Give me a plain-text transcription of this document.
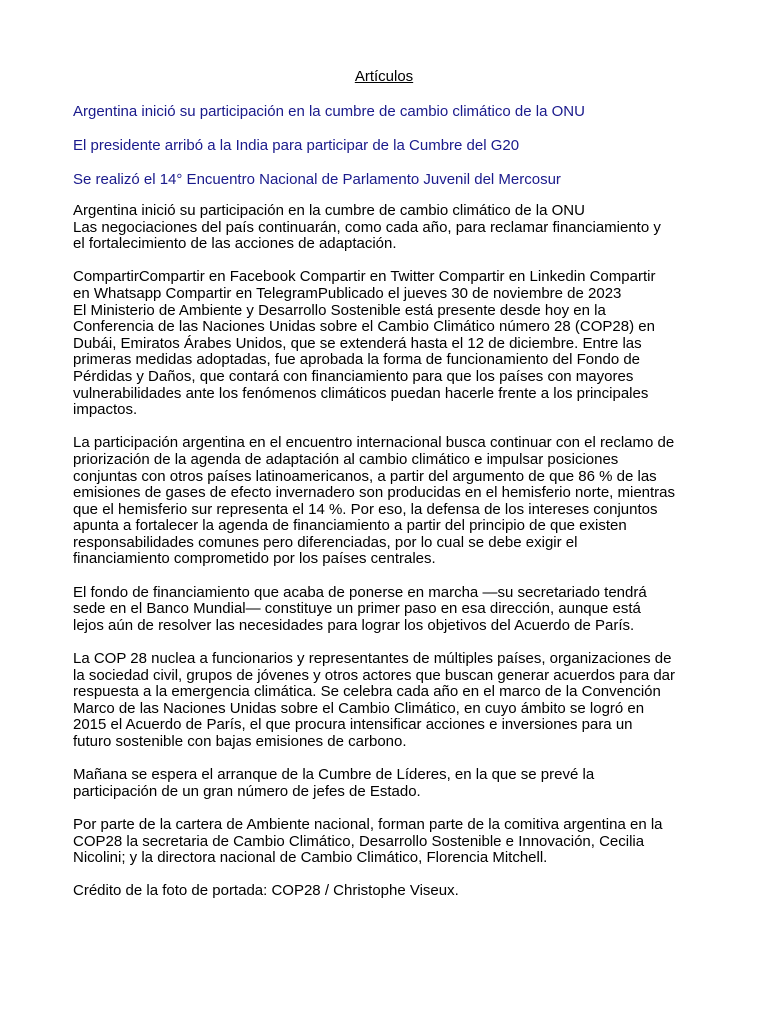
Artículos
Argentina inició su participación en la cumbre de cambio climático de la ONU
El presidente arribó a la India para participar de la Cumbre del G20
Se realizó el 14° Encuentro Nacional de Parlamento Juvenil del Mercosur

Argentina inició su participación en la cumbre de cambio climático de la ONU
Las negociaciones del país continuarán, como cada año, para reclamar financiamiento y
el fortalecimiento de las acciones de adaptación.

CompartirCompartir en Facebook Compartir en Twitter Compartir en Linkedin Compartir
en Whatsapp Compartir en TelegramPublicado el jueves 30 de noviembre de 2023
El Ministerio de Ambiente y Desarrollo Sostenible está presente desde hoy en la
Conferencia de las Naciones Unidas sobre el Cambio Climático número 28 (COP28) en
Dubái, Emiratos Árabes Unidos, que se extenderá hasta el 12 de diciembre. Entre las
primeras medidas adoptadas, fue aprobada la forma de funcionamiento del Fondo de
Pérdidas y Daños, que contará con financiamiento para que los países con mayores
vulnerabilidades ante los fenómenos climáticos puedan hacerle frente a los principales
impactos.

La participación argentina en el encuentro internacional busca continuar con el reclamo de
priorización de la agenda de adaptación al cambio climático e impulsar posiciones
conjuntas con otros países latinoamericanos, a partir del argumento de que 86 % de las
emisiones de gases de efecto invernadero son producidas en el hemisferio norte, mientras
que el hemisferio sur representa el 14 %. Por eso, la defensa de los intereses conjuntos
apunta a fortalecer la agenda de financiamiento a partir del principio de que existen
responsabilidades comunes pero diferenciadas, por lo cual se debe exigir el
financiamiento comprometido por los países centrales.

El fondo de financiamiento que acaba de ponerse en marcha —su secretariado tendrá
sede en el Banco Mundial— constituye un primer paso en esa dirección, aunque está
lejos aún de resolver las necesidades para lograr los objetivos del Acuerdo de París.

La COP 28 nuclea a funcionarios y representantes de múltiples países, organizaciones de
la sociedad civil, grupos de jóvenes y otros actores que buscan generar acuerdos para dar
respuesta a la emergencia climática. Se celebra cada año en el marco de la Convención
Marco de las Naciones Unidas sobre el Cambio Climático, en cuyo ámbito se logró en
2015 el Acuerdo de París, el que procura intensificar acciones e inversiones para un
futuro sostenible con bajas emisiones de carbono.

Mañana se espera el arranque de la Cumbre de Líderes, en la que se prevé la
participación de un gran número de jefes de Estado.

Por parte de la cartera de Ambiente nacional, forman parte de la comitiva argentina en la
COP28 la secretaria de Cambio Climático, Desarrollo Sostenible e Innovación, Cecilia
Nicolini; y la directora nacional de Cambio Climático, Florencia Mitchell.

Crédito de la foto de portada: COP28 / Christophe Viseux.
